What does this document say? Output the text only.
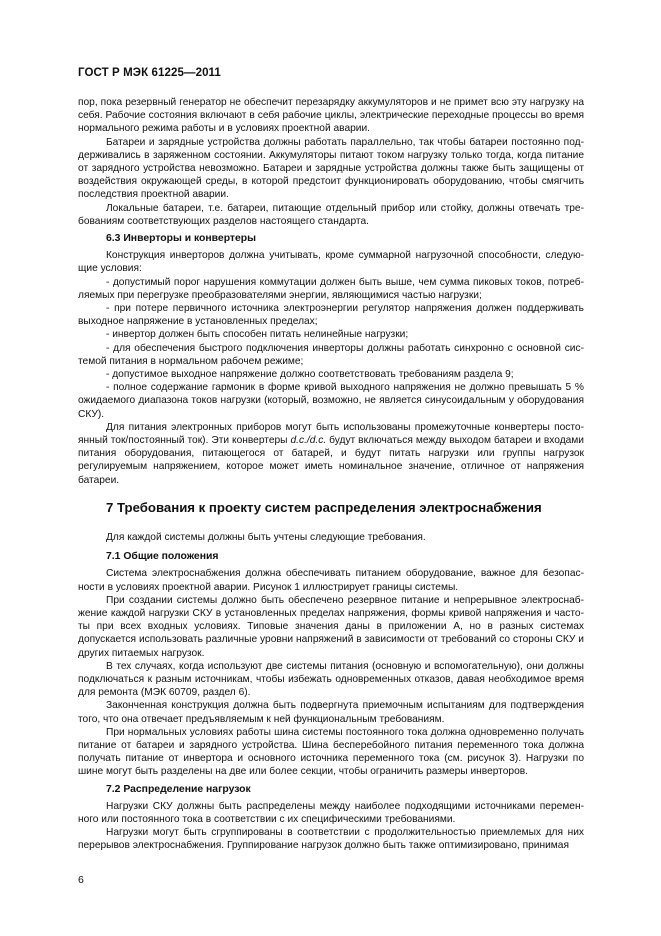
ГОСТ Р МЭК 61225—2011

пор, пока резервный генератор не обеспечит перезарядку аккумуляторов и не примет всю эту нагрузку на себя. Рабочие состояния включают в себя рабочие циклы, электрические переходные процессы во время нормального режима работы и в условиях проектной аварии.

Батареи и зарядные устройства должны работать параллельно, так чтобы батареи постоянно поддерживались в заряженном состоянии. Аккумуляторы питают током нагрузку только тогда, когда питание от зарядного устройства невозможно. Батареи и зарядные устройства должны также быть защищены от воздействия окружающей среды, в которой предстоит функционировать оборудованию, чтобы смягчить последствия проектной аварии.

Локальные батареи, т.е. батареи, питающие отдельный прибор или стойку, должны отвечать требованиям соответствующих разделов настоящего стандарта.

6.3 Инверторы и конвертеры

Конструкция инверторов должна учитывать, кроме суммарной нагрузочной способности, следующие условия:

- допустимый порог нарушения коммутации должен быть выше, чем сумма пиковых токов, потребляемых при перегрузке преобразователями энергии, являющимися частью нагрузки;

- при потере первичного источника электроэнергии регулятор напряжения должен поддерживать выходное напряжение в установленных пределах;

- инвертор должен быть способен питать нелинейные нагрузки;

- для обеспечения быстрого подключения инверторы должны работать синхронно с основной системой питания в нормальном рабочем режиме;

- допустимое выходное напряжение должно соответствовать требованиям раздела 9;

- полное содержание гармоник в форме кривой выходного напряжения не должно превышать 5 % ожидаемого диапазона токов нагрузки (который, возможно, не является синусоидальным у оборудования СКУ).

Для питания электронных приборов могут быть использованы промежуточные конвертеры постоянный ток/постоянный ток). Эти конвертеры d.c./d.c. будут включаться между выходом батареи и входами питания оборудования, питающегося от батарей, и будут питать нагрузки или группы нагрузок регулируемым напряжением, которое может иметь номинальное значение, отличное от напряжения батареи.

7 Требования к проекту систем распределения электроснабжения

Для каждой системы должны быть учтены следующие требования.

7.1 Общие положения

Система электроснабжения должна обеспечивать питанием оборудование, важное для безопасности в условиях проектной аварии. Рисунок 1 иллюстрирует границы системы.

При создании системы должно быть обеспечено резервное питание и непрерывное электроснабжение каждой нагрузки СКУ в установленных пределах напряжения, формы кривой напряжения и частоты при всех входных условиях. Типовые значения даны в приложении А, но в разных системах допускается использовать различные уровни напряжений в зависимости от требований со стороны СКУ и других питаемых нагрузок.

В тех случаях, когда используют две системы питания (основную и вспомогательную), они должны подключаться к разным источникам, чтобы избежать одновременных отказов, давая необходимое время для ремонта (МЭК 60709, раздел 6).

Законченная конструкция должна быть подвергнута приемочным испытаниям для подтверждения того, что она отвечает предъявляемым к ней функциональным требованиям.

При нормальных условиях работы шина системы постоянного тока должна одновременно получать питание от батареи и зарядного устройства. Шина бесперебойного питания переменного тока должна получать питание от инвертора и основного источника переменного тока (см. рисунок 3). Нагрузки по шине могут быть разделены на две или более секции, чтобы ограничить размеры инверторов.

7.2 Распределение нагрузок

Нагрузки СКУ должны быть распределены между наиболее подходящими источниками переменного или постоянного тока в соответствии с их специфическими требованиями.

Нагрузки могут быть сгруппированы в соответствии с продолжительностью приемлемых для них перерывов электроснабжения. Группирование нагрузок должно быть также оптимизировано, принимая

6
